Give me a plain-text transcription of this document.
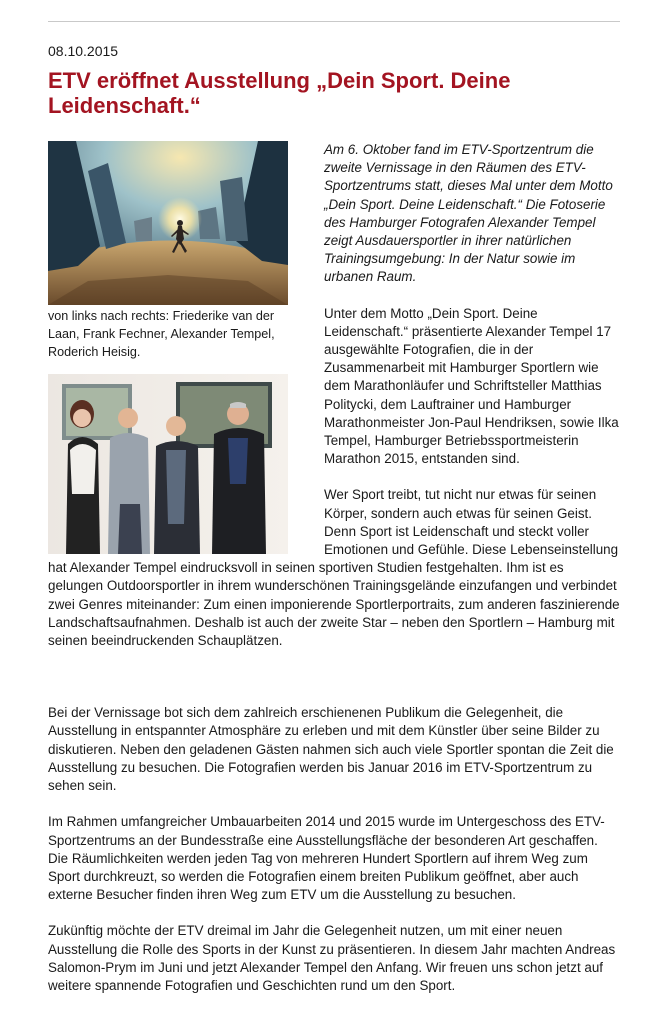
08.10.2015
ETV eröffnet Ausstellung „Dein Sport. Deine Leidenschaft.“
von links nach rechts: Friederike van der Laan, Frank Fechner, Alexander Tempel, Roderich Heisig.

Am 6. Oktober fand im ETV-Sportzentrum die zweite Vernissage in den Räumen des ETV-Sportzentrums statt, dieses Mal unter dem Motto „Dein Sport. Deine Leidenschaft.“ Die Fotoserie des Hamburger Fotografen Alexander Tempel zeigt Ausdauersportler in ihrer natürlichen Trainingsumgebung: In der Natur sowie im urbanen Raum.

Unter dem Motto „Dein Sport. Deine Leidenschaft.“ präsentierte Alexander Tempel 17 ausgewählte Fotografien, die in der Zusammenarbeit mit Hamburger Sportlern wie dem Marathonläufer und Schriftsteller Matthias Politycki, dem Lauftrainer und Hamburger Marathonmeister Jon-Paul Hendriksen, sowie Ilka Tempel, Hamburger Betriebssportmeisterin Marathon 2015, entstanden sind.

Wer Sport treibt, tut nicht nur etwas für seinen Körper, sondern auch etwas für seinen Geist. Denn Sport ist Leidenschaft und steckt voller Emotionen und Gefühle. Diese Lebenseinstellung hat Alexander Tempel eindrucksvoll in seinen sportiven Studien festgehalten. Ihm ist es gelungen Outdoorsportler in ihrem wunderschönen Trainingsgelände einzufangen und verbindet zwei Genres miteinander: Zum einen imponierende Sportlerportraits, zum anderen faszinierende Landschaftsaufnahmen. Deshalb ist auch der zweite Star – neben den Sportlern – Hamburg mit seinen beeindruckenden Schauplätzen.

Bei der Vernissage bot sich dem zahlreich erschienenen Publikum die Gelegenheit, die Ausstellung in entspannter Atmosphäre zu erleben und mit dem Künstler über seine Bilder zu diskutieren. Neben den geladenen Gästen nahmen sich auch viele Sportler spontan die Zeit die Ausstellung zu besuchen. Die Fotografien werden bis Januar 2016 im ETV-Sportzentrum zu sehen sein.

Im Rahmen umfangreicher Umbauarbeiten 2014 und 2015 wurde im Untergeschoss des ETV-Sportzentrums an der Bundesstraße eine Ausstellungsfläche der besonderen Art geschaffen. Die Räumlichkeiten werden jeden Tag von mehreren Hundert Sportlern auf ihrem Weg zum Sport durchkreuzt, so werden die Fotografien einem breiten Publikum geöffnet, aber auch externe Besucher finden ihren Weg zum ETV um die Ausstellung zu besuchen.

Zukünftig möchte der ETV dreimal im Jahr die Gelegenheit nutzen, um mit einer neuen Ausstellung die Rolle des Sports in der Kunst zu präsentieren. In diesem Jahr machten Andreas Salomon-Prym im Juni und jetzt Alexander Tempel den Anfang. Wir freuen uns schon jetzt auf weitere spannende Fotografien und Geschichten rund um den Sport.
